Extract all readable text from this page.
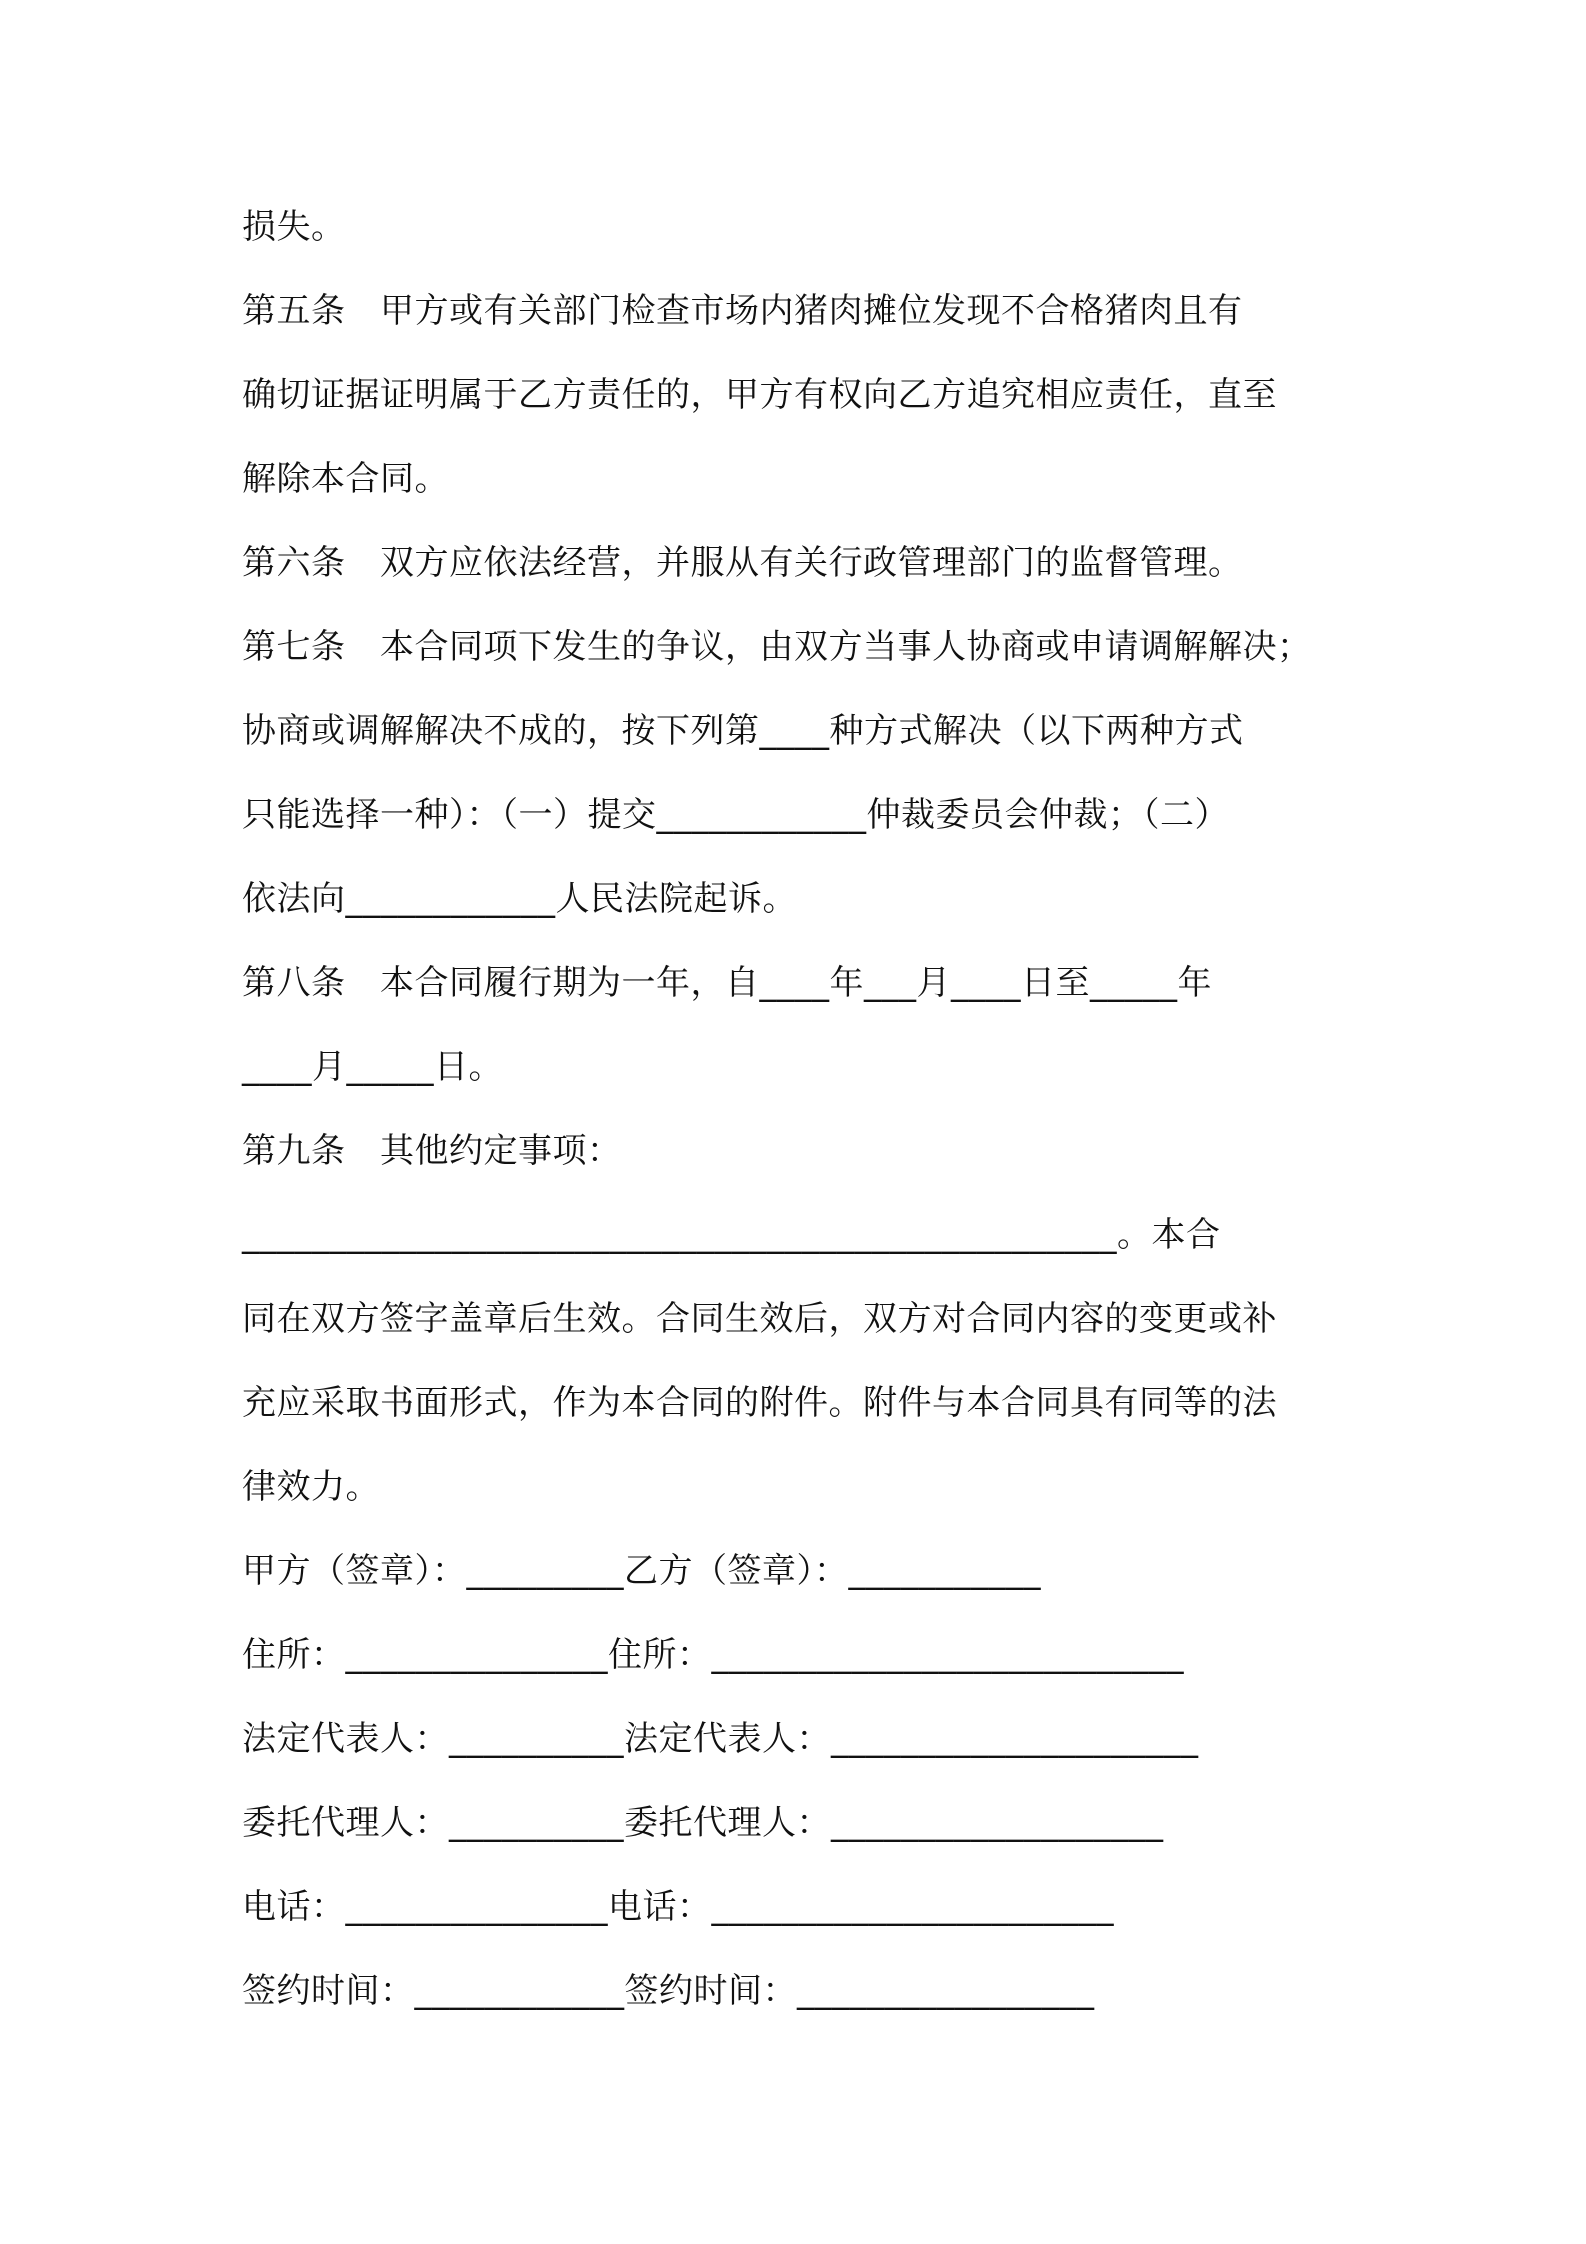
损失。
第五条　甲方或有关部门检查市场内猪肉摊位发现不合格猪肉且有
确切证据证明属于乙方责任的，甲方有权向乙方追究相应责任，直至
解除本合同。
第六条　双方应依法经营，并服从有关行政管理部门的监督管理。
第七条　本合同项下发生的争议，由双方当事人协商或申请调解解决；
协商或调解解决不成的，按下列第____种方式解决（以下两种方式
只能选择一种）：（一）提交____________仲裁委员会仲裁；（二）
依法向____________人民法院起诉。
第八条　本合同履行期为一年，自____年___月____日至_____年
____月_____日。
第九条　其他约定事项：
__________________________________________________。本合
同在双方签字盖章后生效。合同生效后，双方对合同内容的变更或补
充应采取书面形式，作为本合同的附件。附件与本合同具有同等的法
律效力。
甲方（签章）：_________乙方（签章）：___________
住所：_______________住所：___________________________
法定代表人：__________法定代表人：_____________________
委托代理人：__________委托代理人：___________________
电话：_______________电话：_______________________
签约时间：____________签约时间：_________________
